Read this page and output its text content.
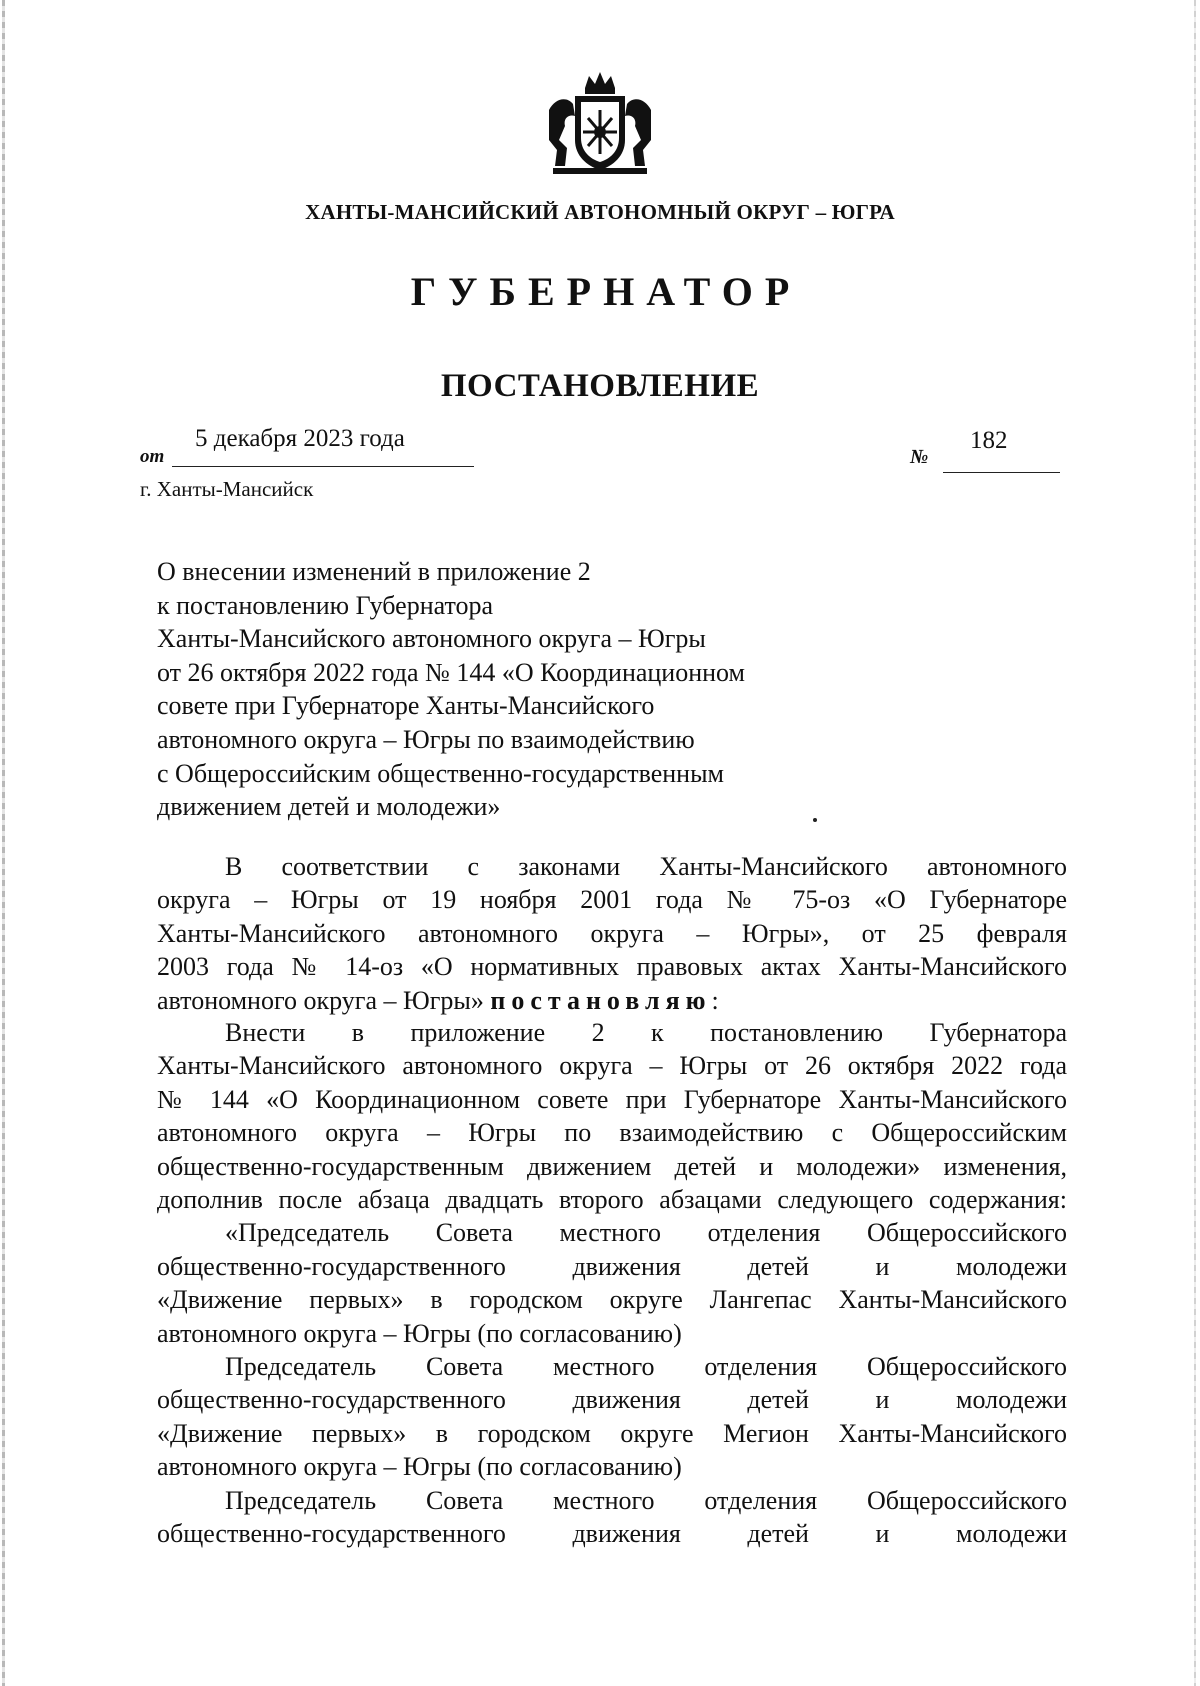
ХАНТЫ-МАНСИЙСКИЙ АВТОНОМНЫЙ ОКРУГ – ЮГРА
ГУБЕРНАТОР
ПОСТАНОВЛЕНИЕ
от
5 декабря 2023 года
№
182
г. Ханты-Мансийск
О внесении изменений в приложение 2
к постановлению Губернатора
Ханты-Мансийского автономного округа – Югры
от 26 октября 2022 года № 144 «О Координационном
совете при Губернаторе Ханты-Мансийского
автономного округа – Югры по взаимодействию
с Общероссийским общественно-государственным
движением детей и молодежи»
В соответствии с законами Ханты-Мансийского автономного
округа – Югры от 19 ноября 2001 года № 75-оз «О Губернаторе
Ханты-Мансийского автономного округа – Югры», от 25 февраля
2003 года № 14-оз «О нормативных правовых актах Ханты-Мансийского
автономного округа – Югры» постановляю:
Внести в приложение 2 к постановлению Губернатора
Ханты-Мансийского автономного округа – Югры от 26 октября 2022 года
№ 144 «О Координационном совете при Губернаторе Ханты-Мансийского
автономного округа – Югры по взаимодействию с Общероссийским
общественно-государственным движением детей и молодежи» изменения,
дополнив после абзаца двадцать второго абзацами следующего содержания:
«Председатель Совета местного отделения Общероссийского
общественно-государственного движения детей и молодежи
«Движение первых» в городском округе Лангепас Ханты-Мансийского
автономного округа – Югры (по согласованию)
Председатель Совета местного отделения Общероссийского
общественно-государственного движения детей и молодежи
«Движение первых» в городском округе Мегион Ханты-Мансийского
автономного округа – Югры (по согласованию)
Председатель Совета местного отделения Общероссийского
общественно-государственного движения детей и молодежи
